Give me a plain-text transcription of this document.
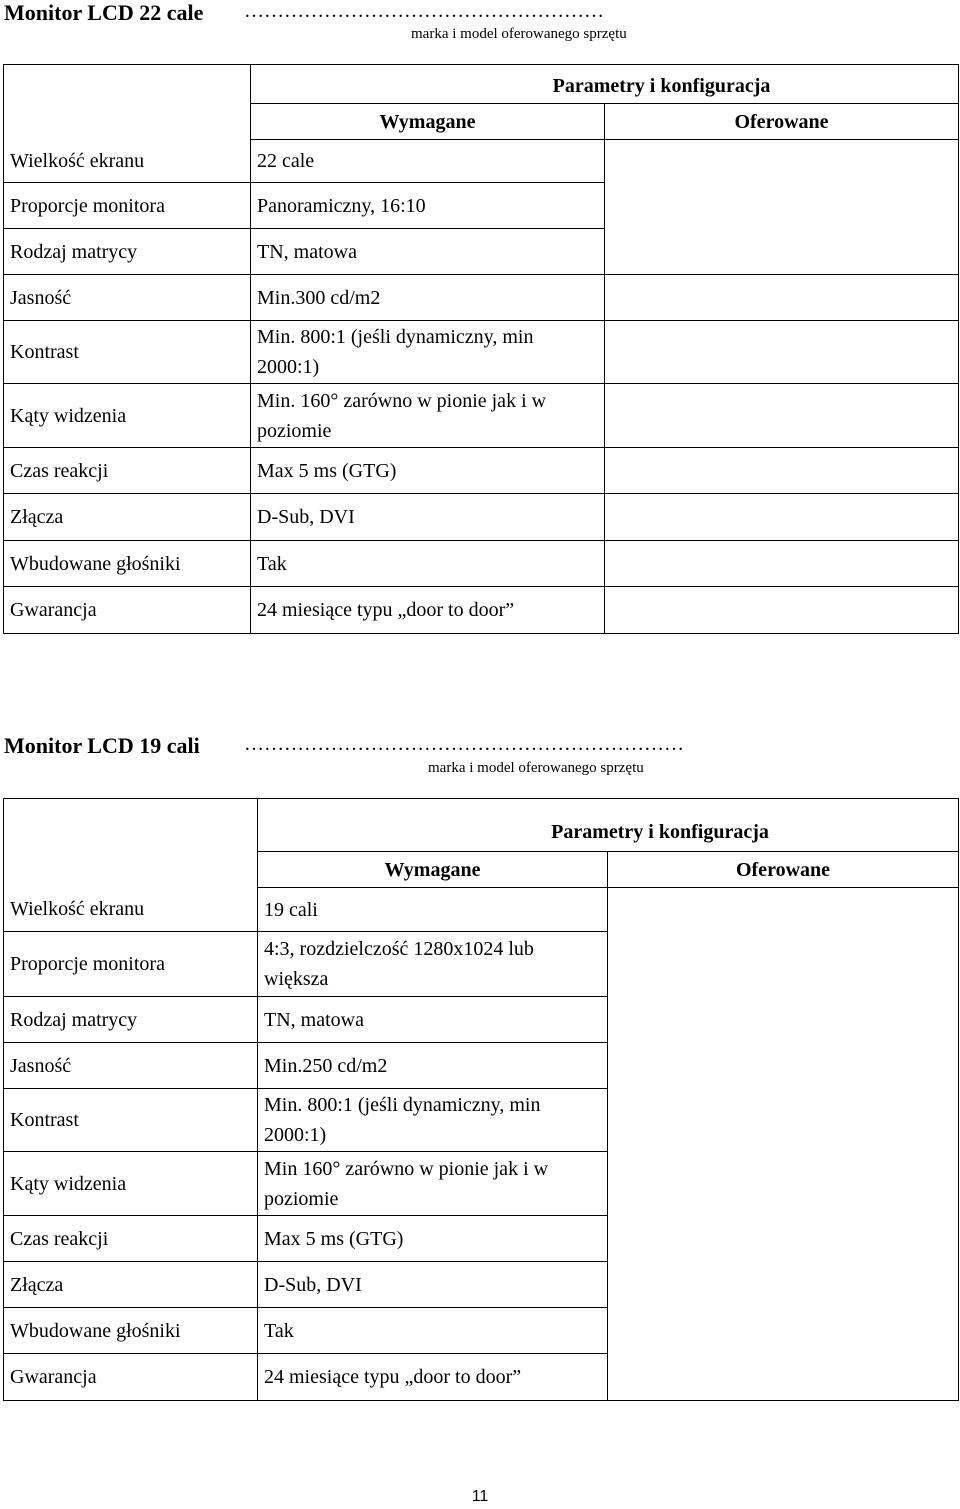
Monitor LCD 22 cale ………………………………………………
marka i model oferowanego sprzętu
	Parametry i konfiguracja	
	Wymagane	Oferowane
Wielkość ekranu	22 cale	
Proporcje monitora	Panoramiczny, 16:10	
Rodzaj matrycy	TN, matowa	
Jasność	Min.300 cd/m2	
Kontrast	Min. 800:1 (jeśli dynamiczny, min 2000:1)	
Kąty widzenia	Min. 160° zarówno w pionie jak i w poziomie	
Czas reakcji	Max 5 ms (GTG)	
Złącza	D-Sub, DVI	
Wbudowane głośniki	Tak	
Gwarancja	24 miesiące typu „door to door”	
Monitor LCD 19 cali …………………………………………………………
marka i model oferowanego sprzętu
	Parametry i konfiguracja	
	Wymagane	Oferowane
Wielkość ekranu	19 cali	
Proporcje monitora	4:3, rozdzielczość 1280x1024 lub większa	
Rodzaj matrycy	TN, matowa	
Jasność	Min.250 cd/m2	
Kontrast	Min. 800:1 (jeśli dynamiczny, min 2000:1)	
Kąty widzenia	Min 160° zarówno w pionie jak i w poziomie	
Czas reakcji	Max 5 ms (GTG)	
Złącza	D-Sub, DVI	
Wbudowane głośniki	Tak	
Gwarancja	24 miesiące typu „door to door”	
11
